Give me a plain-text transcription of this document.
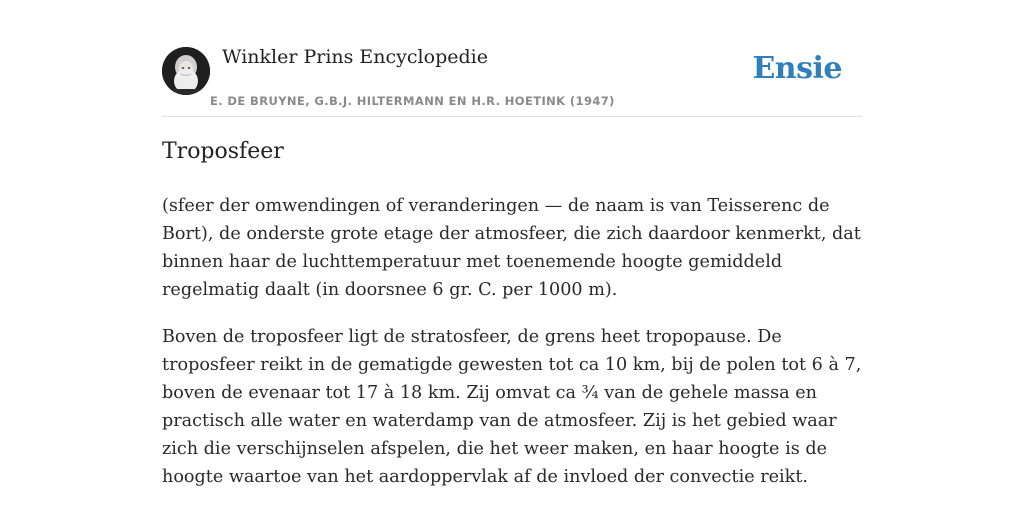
Winkler Prins Encyclopedie
E. DE BRUYNE, G.B.J. HILTERMANN EN H.R. HOETINK (1947)
Ensie
Troposfeer

(sfeer der omwendingen of veranderingen — de naam is van Teisserenc de Bort), de onderste grote etage der atmosfeer, die zich daardoor kenmerkt, dat binnen haar de luchttemperatuur met toenemende hoogte gemiddeld regelmatig daalt (in doorsnee 6 gr. C. per 1000 m).

Boven de troposfeer ligt de stratosfeer, de grens heet tropopause. De troposfeer reikt in de gematigde gewesten tot ca 10 km, bij de polen tot 6 à 7, boven de evenaar tot 17 à 18 km. Zij omvat ca ¾ van de gehele massa en practisch alle water en waterdamp van de atmosfeer. Zij is het gebied waar zich die verschijnselen afspelen, die het weer maken, en haar hoogte is de hoogte waartoe van het aardoppervlak af de invloed der convectie reikt.
